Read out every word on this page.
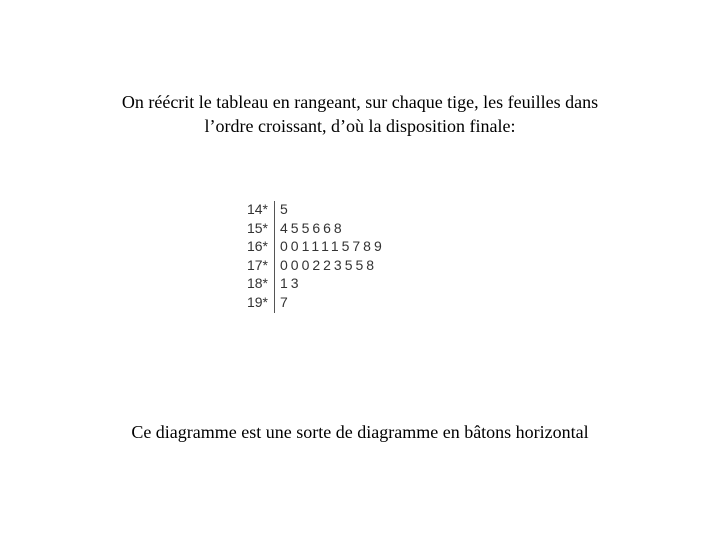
On réécrit le tableau en rangeant, sur chaque tige, les feuilles dans
l’ordre croissant, d’où la disposition finale:
14* 5
15* 455668
16* 0011115789
17* 000223558
18* 13
19* 7
Ce diagramme est une sorte de diagramme en bâtons horizontal
